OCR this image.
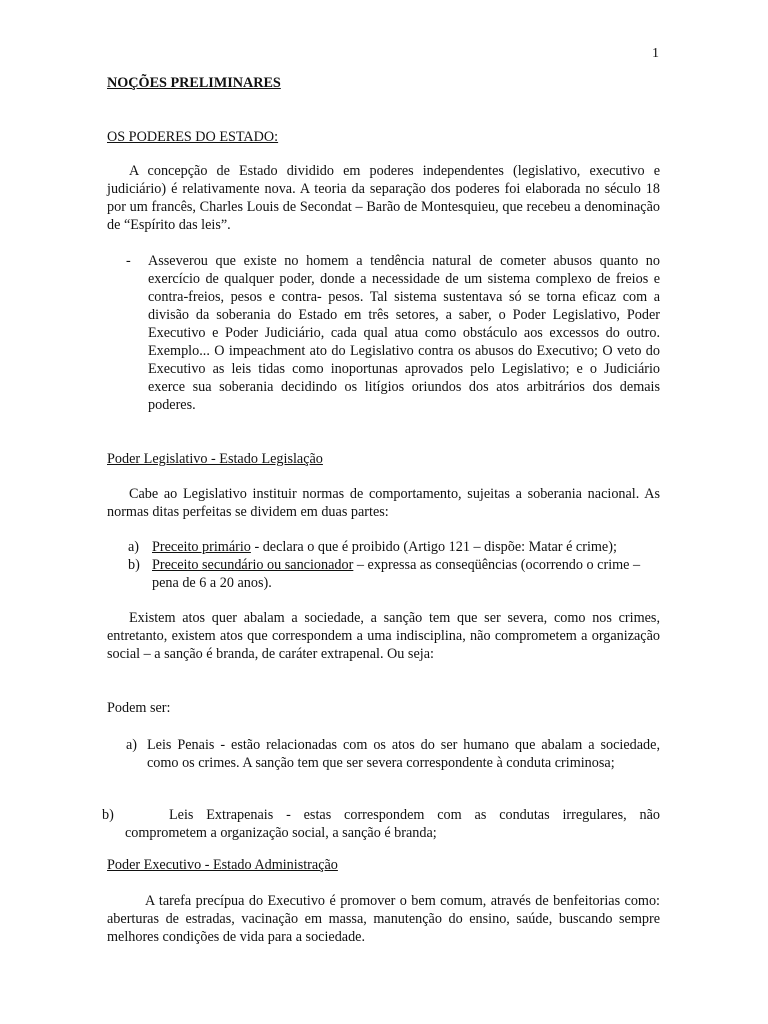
1
NOÇÕES PRELIMINARES
OS PODERES DO ESTADO:
A concepção de Estado dividido em poderes independentes (legislativo, executivo e judiciário) é relativamente nova. A teoria da separação dos poderes foi elaborada no século 18 por um francês, Charles Louis de Secondat – Barão de Montesquieu, que recebeu a denominação de “Espírito das leis”.
- Asseverou que existe no homem a tendência natural de cometer abusos quanto no exercício de qualquer poder, donde a necessidade de um sistema complexo de freios e contra-freios, pesos e contra- pesos. Tal sistema sustentava só se torna eficaz com a divisão da soberania do Estado em três setores, a saber, o Poder Legislativo, Poder Executivo e Poder Judiciário, cada qual atua como obstáculo aos excessos do outro. Exemplo... O impeachment ato do Legislativo contra os abusos do Executivo; O veto do Executivo as leis tidas como inoportunas aprovados pelo Legislativo; e o Judiciário exerce sua soberania decidindo os litígios oriundos dos atos arbitrários dos demais poderes.
Poder Legislativo - Estado Legislação
Cabe ao Legislativo instituir normas de comportamento, sujeitas a soberania nacional. As normas ditas perfeitas se dividem em duas partes:
a) Preceito primário - declara o que é proibido (Artigo 121 – dispõe: Matar é crime);
b) Preceito secundário ou sancionador – expressa as conseqüências (ocorrendo o crime – pena de 6 a 20 anos).
Existem atos quer abalam a sociedade, a sanção tem que ser severa, como nos crimes, entretanto, existem atos que correspondem a uma indisciplina, não comprometem a organização social – a sanção é branda, de caráter extrapenal. Ou seja:
Podem ser:
a) Leis Penais - estão relacionadas com os atos do ser humano que abalam a sociedade, como os crimes. A sanção tem que ser severa correspondente à conduta criminosa;
b)	Leis Extrapenais - estas correspondem com as condutas irregulares, não comprometem a organização social, a sanção é branda;
Poder Executivo - Estado Administração
A tarefa precípua do Executivo é promover o bem comum, através de benfeitorias como: aberturas de estradas, vacinação em massa, manutenção do ensino, saúde, buscando sempre melhores condições de vida para a sociedade.
